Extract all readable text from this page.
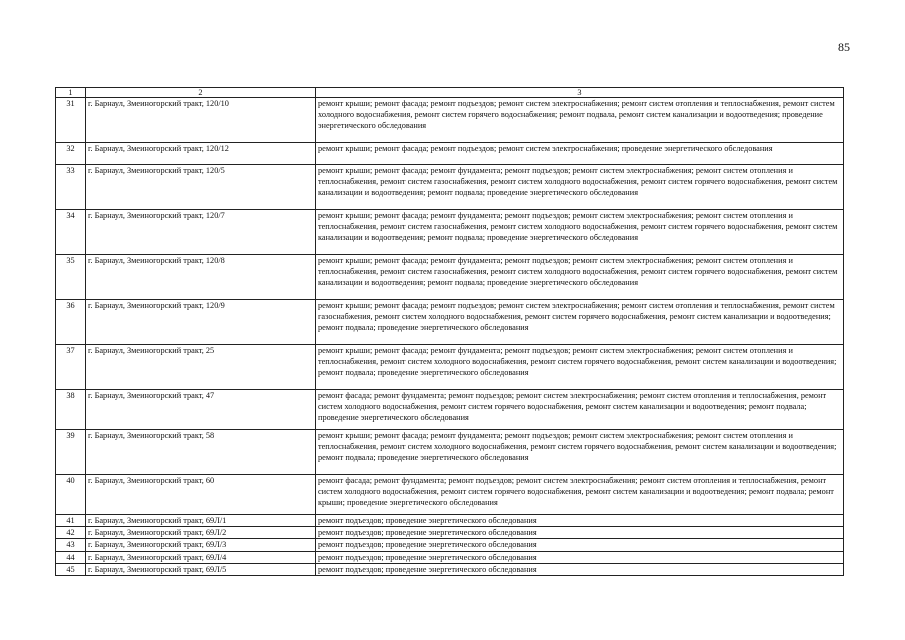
85
1	2	3
31	г. Барнаул, Змеиногорский тракт, 120/10	ремонт крыши; ремонт фасада; ремонт подъездов; ремонт систем электроснабжения; ремонт систем отопления и теплоснабжения, ремонт систем холодного водоснабжения, ремонт систем горячего водоснабжения; ремонт подвала, ремонт систем канализации и водоотведения; проведение энергетического обследования
32	г. Барнаул, Змеиногорский тракт, 120/12	ремонт крыши; ремонт фасада; ремонт подъездов; ремонт систем электроснабжения; проведение энергетического обследования
33	г. Барнаул, Змеиногорский тракт, 120/5	ремонт крыши; ремонт фасада; ремонт фундамента; ремонт подъездов; ремонт систем электроснабжения; ремонт систем отопления и теплоснабжения, ремонт систем газоснабжения, ремонт систем холодного водоснабжения, ремонт систем горячего водоснабжения, ремонт систем канализации и водоотведения; ремонт подвала; проведение энергетического обследования
34	г. Барнаул, Змеиногорский тракт, 120/7	ремонт крыши; ремонт фасада; ремонт фундамента; ремонт подъездов; ремонт систем электроснабжения; ремонт систем отопления и теплоснабжения, ремонт систем газоснабжения, ремонт систем холодного водоснабжения, ремонт систем горячего водоснабжения, ремонт систем канализации и водоотведения; ремонт подвала; проведение энергетического обследования
35	г. Барнаул, Змеиногорский тракт, 120/8	ремонт крыши; ремонт фасада; ремонт фундамента; ремонт подъездов; ремонт систем электроснабжения; ремонт систем отопления и теплоснабжения, ремонт систем газоснабжения, ремонт систем холодного водоснабжения, ремонт систем горячего водоснабжения, ремонт систем канализации и водоотведения; ремонт подвала; проведение энергетического обследования
36	г. Барнаул, Змеиногорский тракт, 120/9	ремонт крыши; ремонт фасада; ремонт подъездов; ремонт систем электроснабжения; ремонт систем отопления и теплоснабжения, ремонт систем газоснабжения, ремонт систем холодного водоснабжения, ремонт систем горячего водоснабжения, ремонт систем канализации и водоотведения; ремонт подвала; проведение энергетического обследования
37	г. Барнаул, Змеиногорский тракт, 25	ремонт крыши; ремонт фасада; ремонт фундамента; ремонт подъездов; ремонт систем электроснабжения; ремонт систем отопления и теплоснабжения, ремонт систем холодного водоснабжения, ремонт систем горячего водоснабжения, ремонт систем канализации и водоотведения; ремонт подвала; проведение энергетического обследования
38	г. Барнаул, Змеиногорский тракт, 47	ремонт фасада; ремонт фундамента; ремонт подъездов; ремонт систем электроснабжения; ремонт систем отопления и теплоснабжения, ремонт систем холодного водоснабжения, ремонт систем горячего водоснабжения, ремонт систем канализации и водоотведения; ремонт подвала; проведение энергетического обследования
39	г. Барнаул, Змеиногорский тракт, 58	ремонт крыши; ремонт фасада; ремонт фундамента; ремонт подъездов; ремонт систем электроснабжения; ремонт систем отопления и теплоснабжения, ремонт систем холодного водоснабжения, ремонт систем горячего водоснабжения, ремонт систем канализации и водоотведения; ремонт подвала; проведение энергетического обследования
40	г. Барнаул, Змеиногорский тракт, 60	ремонт фасада; ремонт фундамента; ремонт подъездов; ремонт систем электроснабжения; ремонт систем отопления и теплоснабжения, ремонт систем холодного водоснабжения, ремонт систем горячего водоснабжения, ремонт систем канализации и водоотведения; ремонт подвала; ремонт крыши; проведение энергетического обследования
41	г. Барнаул, Змеиногорский тракт, 69Л/1	ремонт подъездов; проведение энергетического обследования
42	г. Барнаул, Змеиногорский тракт, 69Л/2	ремонт подъездов; проведение энергетического обследования
43	г. Барнаул, Змеиногорский тракт, 69Л/3	ремонт подъездов; проведение энергетического обследования
44	г. Барнаул, Змеиногорский тракт, 69Л/4	ремонт подъездов; проведение энергетического обследования
45	г. Барнаул, Змеиногорский тракт, 69Л/5	ремонт подъездов; проведение энергетического обследования
